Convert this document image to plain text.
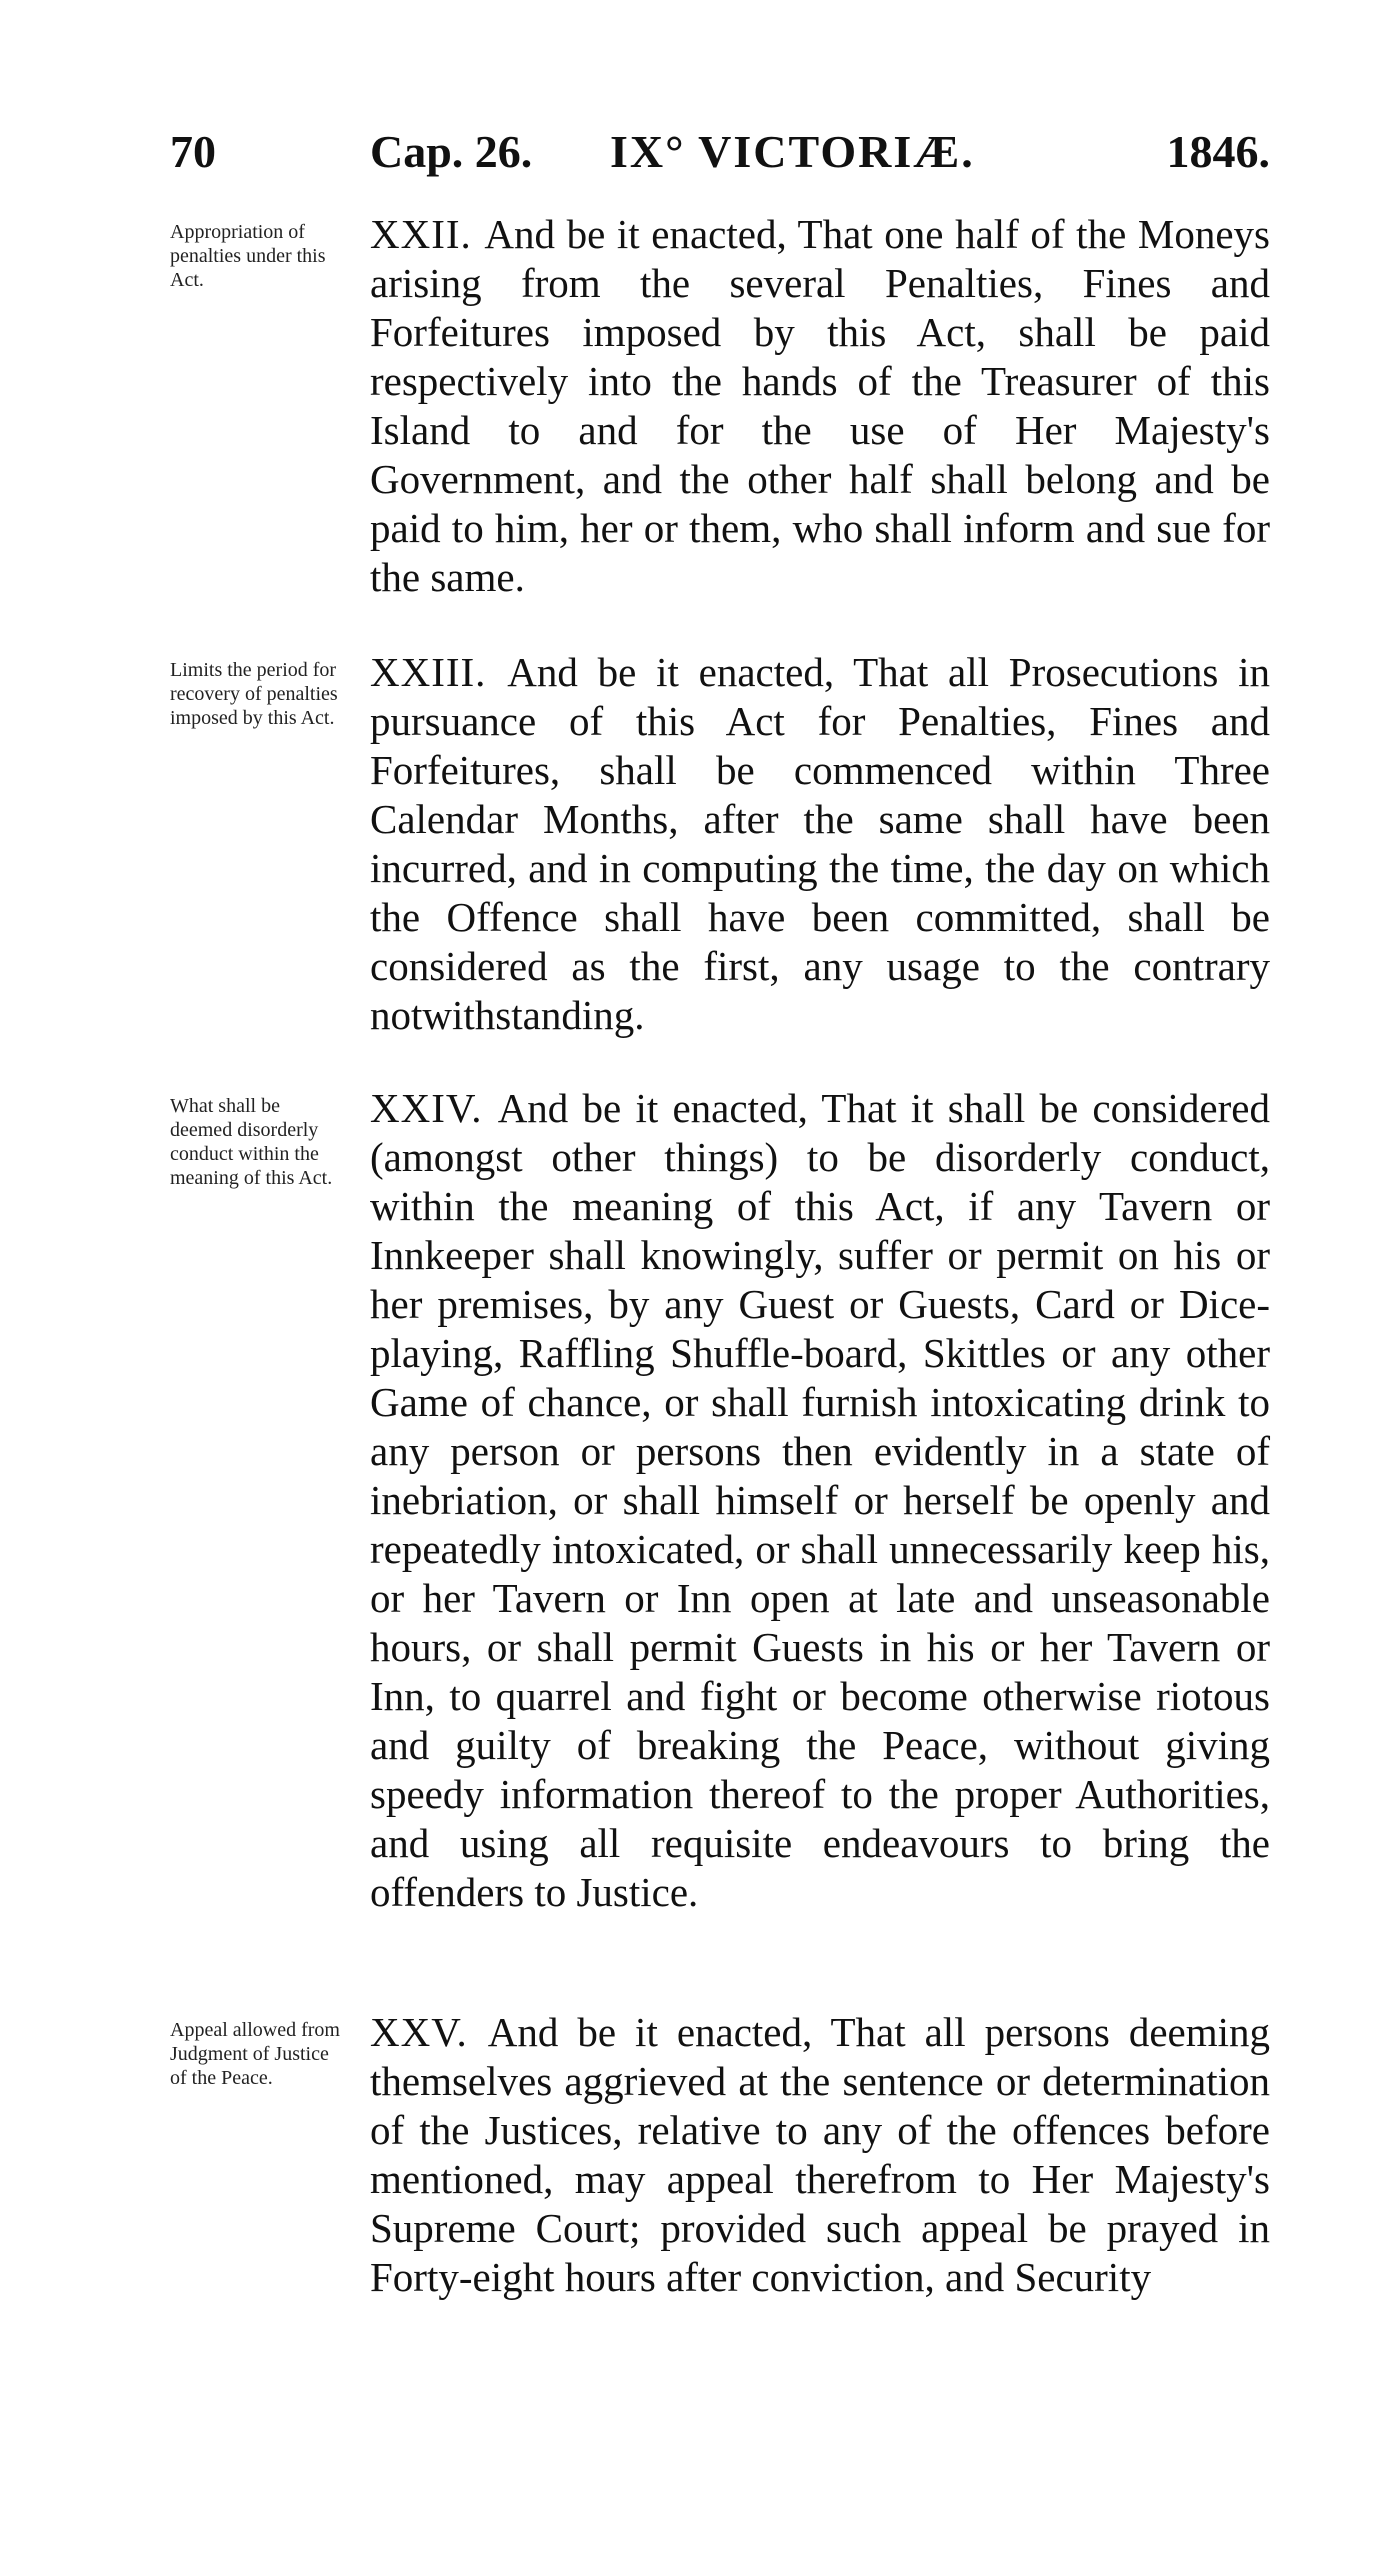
70	Cap. 26. IX° VICTORIÆ.	1846.
Appropriation of penalties under this Act.
XXII. And be it enacted, That one half of the Moneys arising from the several Penalties, Fines and Forfeitures imposed by this Act, shall be paid respectively into the hands of the Treasurer of this Island to and for the use of Her Majesty's Government, and the other half shall belong and be paid to him, her or them, who shall inform and sue for the same.
Limits the period for recovery of penalties imposed by this Act.
XXIII. And be it enacted, That all Prosecutions in pursuance of this Act for Penalties, Fines and Forfeitures, shall be commenced within Three Calendar Months, after the same shall have been incurred, and in computing the time, the day on which the Offence shall have been committed, shall be considered as the first, any usage to the contrary notwithstanding.
What shall be deemed disorderly conduct within the meaning of this Act.
XXIV. And be it enacted, That it shall be considered (amongst other things) to be disorderly conduct, within the meaning of this Act, if any Tavern or Innkeeper shall knowingly, suffer or permit on his or her premises, by any Guest or Guests, Card or Dice-playing, Raffling Shuffle-board, Skittles or any other Game of chance, or shall furnish intoxicating drink to any person or persons then evidently in a state of inebriation, or shall himself or herself be openly and repeatedly intoxicated, or shall unnecessarily keep his, or her Tavern or Inn open at late and unseasonable hours, or shall permit Guests in his or her Tavern or Inn, to quarrel and fight or become otherwise riotous and guilty of breaking the Peace, without giving speedy information thereof to the proper Authorities, and using all requisite endeavours to bring the offenders to Justice.
Appeal allowed from Judgment of Justice of the Peace.
XXV. And be it enacted, That all persons deeming themselves aggrieved at the sentence or determination of the Justices, relative to any of the offences before mentioned, may appeal therefrom to Her Majesty's Supreme Court; provided such appeal be prayed in Forty-eight hours after conviction, and Security
